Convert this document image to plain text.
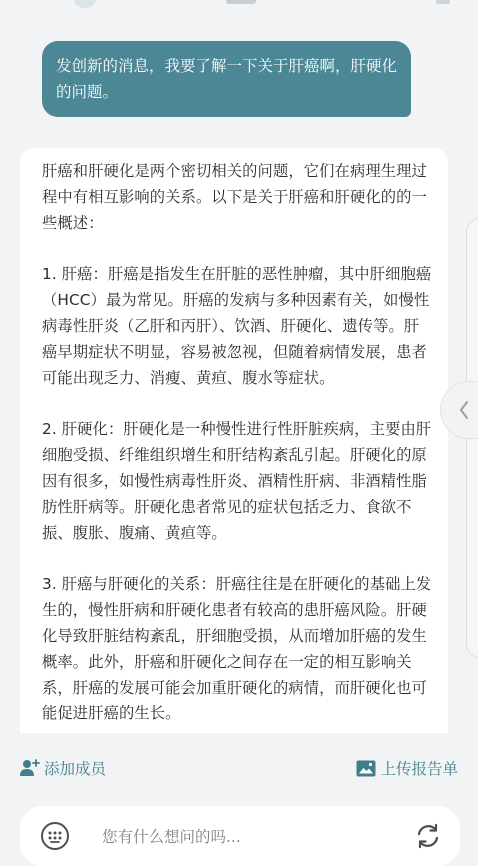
发创新的消息，我要了解一下关于肝癌啊，肝硬化的问题。

肝癌和肝硬化是两个密切相关的问题，它们在病理生理过程中有相互影响的关系。以下是关于肝癌和肝硬化的的一些概述：

1. 肝癌：肝癌是指发生在肝脏的恶性肿瘤，其中肝细胞癌（HCC）最为常见。肝癌的发病与多种因素有关，如慢性病毒性肝炎（乙肝和丙肝）、饮酒、肝硬化、遗传等。肝癌早期症状不明显，容易被忽视，但随着病情发展，患者可能出现乏力、消瘦、黄疸、腹水等症状。

2. 肝硬化：肝硬化是一种慢性进行性肝脏疾病，主要由肝细胞受损、纤维组织增生和肝结构紊乱引起。肝硬化的原因有很多，如慢性病毒性肝炎、酒精性肝病、非酒精性脂肪性肝病等。肝硬化患者常见的症状包括乏力、食欲不振、腹胀、腹痛、黄疸等。

3. 肝癌与肝硬化的关系：肝癌往往是在肝硬化的基础上发生的，慢性肝病和肝硬化患者有较高的患肝癌风险。肝硬化导致肝脏结构紊乱，肝细胞受损，从而增加肝癌的发生概率。此外，肝癌和肝硬化之间存在一定的相互影响关系，肝癌的发展可能会加重肝硬化的病情，而肝硬化也可能促进肝癌的生长。

添加成员	上传报告单
您有什么想问的吗...
